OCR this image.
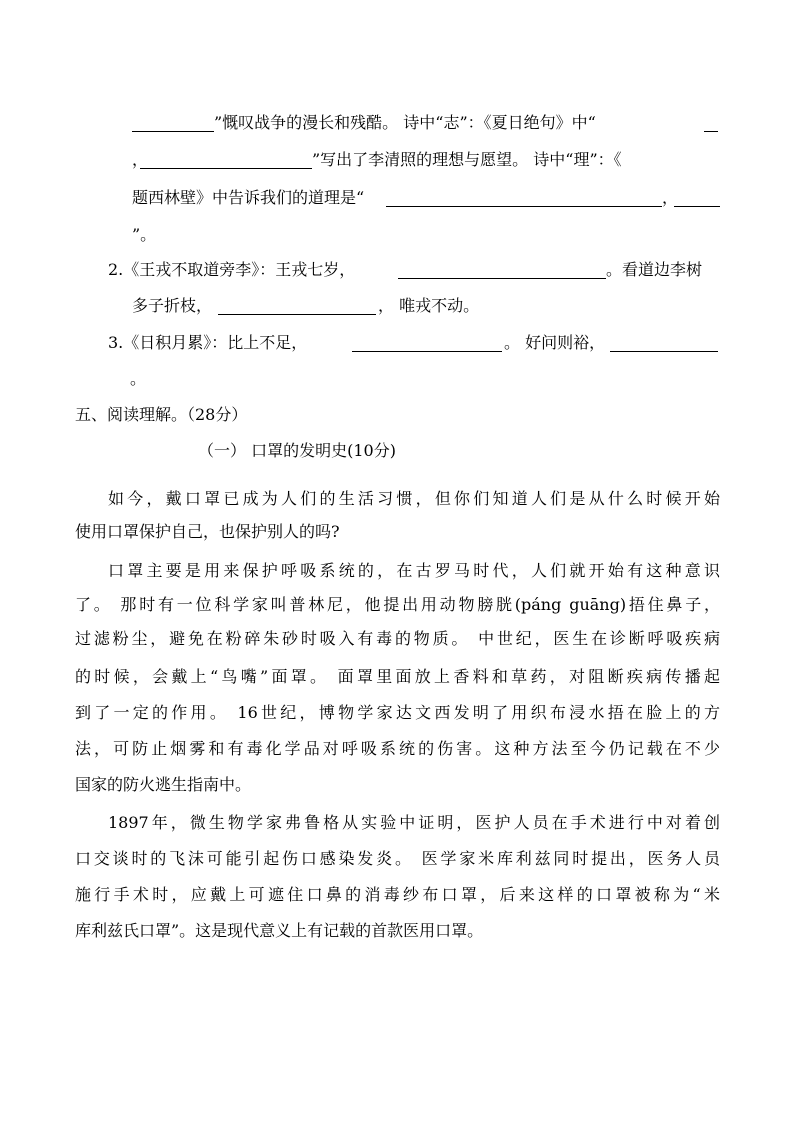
”慨叹战争的漫长和残酷。 诗中“志”：《夏日绝句》中“
，	”写出了李清照的理想与愿望。 诗中“理”：《
题西林壁》中告诉我们的道理是“	，
”。
2.《王戎不取道旁李》：王戎七岁，	。看道边李树
多子折枝，	， 唯戎不动。
3.《日积月累》：比上不足，	。 好问则裕，
。
五、阅读理解。（28分）
（一） 口罩的发明史(10分)
如今，戴口罩已成为人们的生活习惯，但你们知道人们是从什么时候开始
使用口罩保护自己，也保护别人的吗?
口罩主要是用来保护呼吸系统的，在古罗马时代，人们就开始有这种意识
了。 那时有一位科学家叫普林尼，他提出用动物膀胱(páng guāng)捂住鼻子，
过滤粉尘，避免在粉碎朱砂时吸入有毒的物质。 中世纪，医生在诊断呼吸疾病
的时候，会戴上“鸟嘴”面罩。 面罩里面放上香料和草药，对阻断疾病传播起
到了一定的作用。 16世纪，博物学家达文西发明了用织布浸水捂在脸上的方
法，可防止烟雾和有毒化学品对呼吸系统的伤害。这种方法至今仍记载在不少
国家的防火逃生指南中。
1897年，微生物学家弗鲁格从实验中证明，医护人员在手术进行中对着创
口交谈时的飞沫可能引起伤口感染发炎。 医学家米库利兹同时提出，医务人员
施行手术时，应戴上可遮住口鼻的消毒纱布口罩，后来这样的口罩被称为“米
库利兹氏口罩”。这是现代意义上有记载的首款医用口罩。
